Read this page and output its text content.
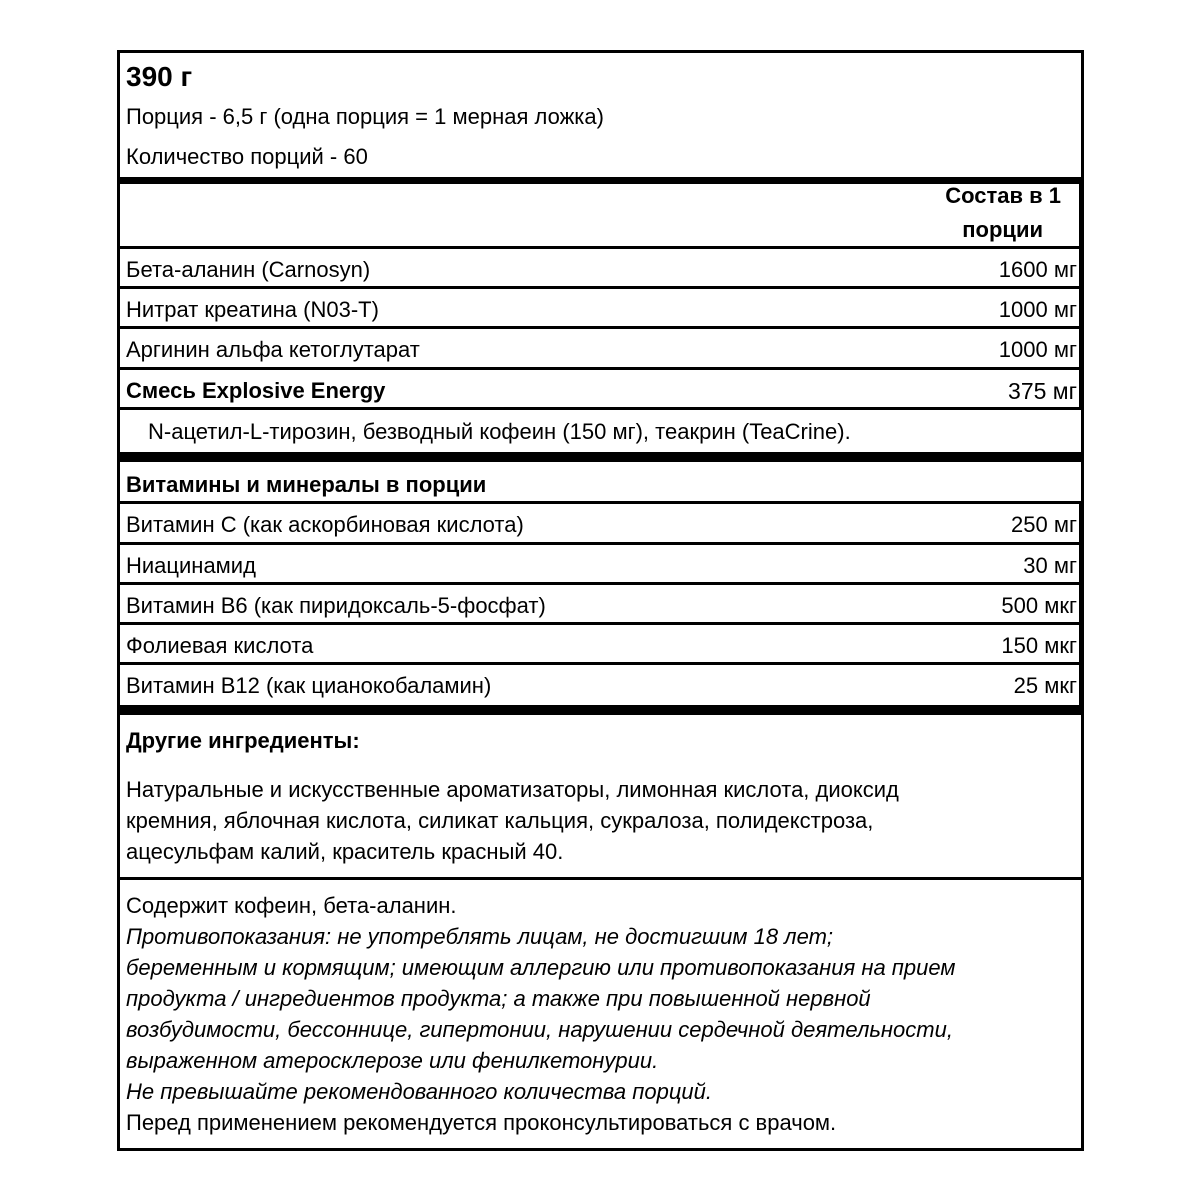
390 г
Порция - 6,5 г (одна порция = 1 мерная ложка)
Количество порций - 60
Состав в 1
порции
Бета-аланин (Carnosyn)	1600 мг
Нитрат креатина (N03-T)	1000 мг
Аргинин альфа кетоглутарат	1000 мг
Смесь Explosive Energy	375 мг
N-ацетил-L-тирозин, безводный кофеин (150 мг), теакрин (TeaCrine).
Витамины и минералы в порции
Витамин С (как аскорбиновая кислота)	250 мг
Ниацинамид	30 мг
Витамин В6 (как пиридоксаль-5-фосфат)	500 мкг
Фолиевая кислота	150 мкг
Витамин В12 (как цианокобаламин)	25 мкг
Другие ингредиенты:
Натуральные и искусственные ароматизаторы, лимонная кислота, диоксид
кремния, яблочная кислота, силикат кальция, сукралоза, полидекстроза,
ацесульфам калий, краситель красный 40.
Содержит кофеин, бета-аланин.
Противопоказания: не употреблять лицам, не достигшим 18 лет;
беременным и кормящим; имеющим аллергию или противопоказания на прием
продукта / ингредиентов продукта; а также при повышенной нервной
возбудимости, бессоннице, гипертонии, нарушении сердечной деятельности,
выраженном атеросклерозе или фенилкетонурии.
Не превышайте рекомендованного количества порций.
Перед применением рекомендуется проконсультироваться с врачом.
